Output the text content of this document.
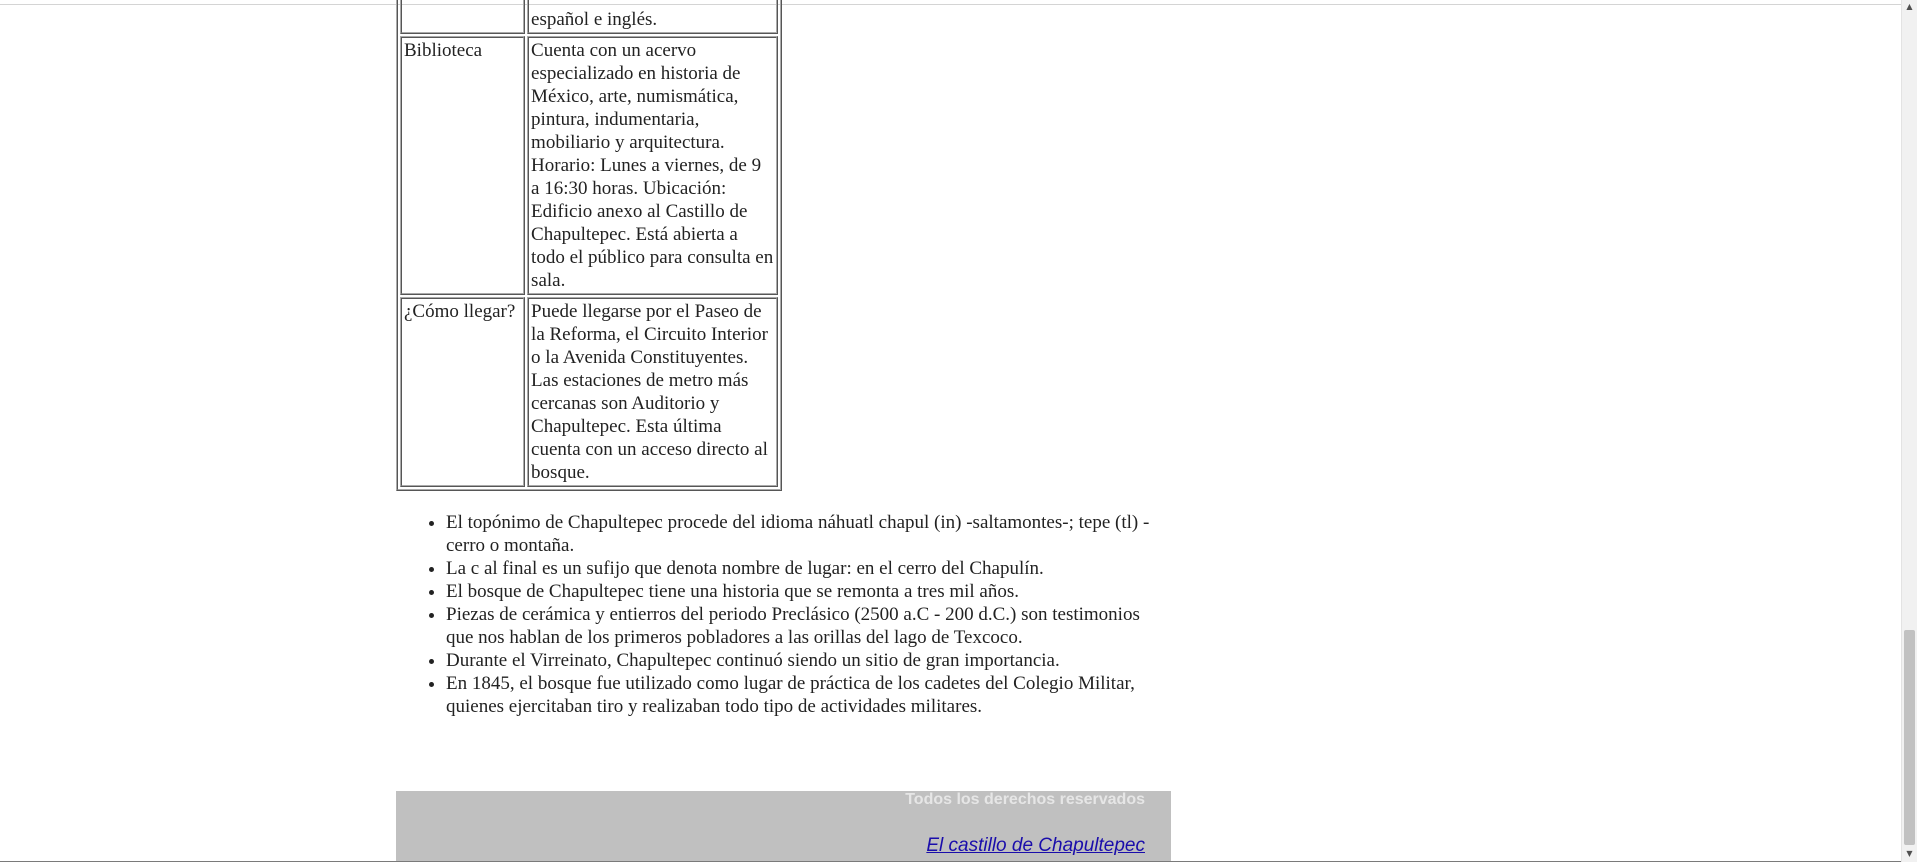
español e inglés.
Biblioteca	Cuenta con un acervo especializado en historia de México, arte, numismática, pintura, indumentaria, mobiliario y arquitectura. Horario: Lunes a viernes, de 9 a 16:30 horas. Ubicación: Edificio anexo al Castillo de Chapultepec. Está abierta a todo el público para consulta en sala.
¿Cómo llegar?	Puede llegarse por el Paseo de la Reforma, el Circuito Interior o la Avenida Constituyentes. Las estaciones de metro más cercanas son Auditorio y Chapultepec. Esta última cuenta con un acceso directo al bosque.
• El topónimo de Chapultepec procede del idioma náhuatl chapul (in) -saltamontes-; tepe (tl) -cerro o montaña.
• La c al final es un sufijo que denota nombre de lugar: en el cerro del Chapulín.
• El bosque de Chapultepec tiene una historia que se remonta a tres mil años.
• Piezas de cerámica y entierros del periodo Preclásico (2500 a.C - 200 d.C.) son testimonios que nos hablan de los primeros pobladores a las orillas del lago de Texcoco.
• Durante el Virreinato, Chapultepec continuó siendo un sitio de gran importancia.
• En 1845, el bosque fue utilizado como lugar de práctica de los cadetes del Colegio Militar, quienes ejercitaban tiro y realizaban todo tipo de actividades militares.
Todos los derechos reservados
El castillo de Chapultepec
▲
▼
